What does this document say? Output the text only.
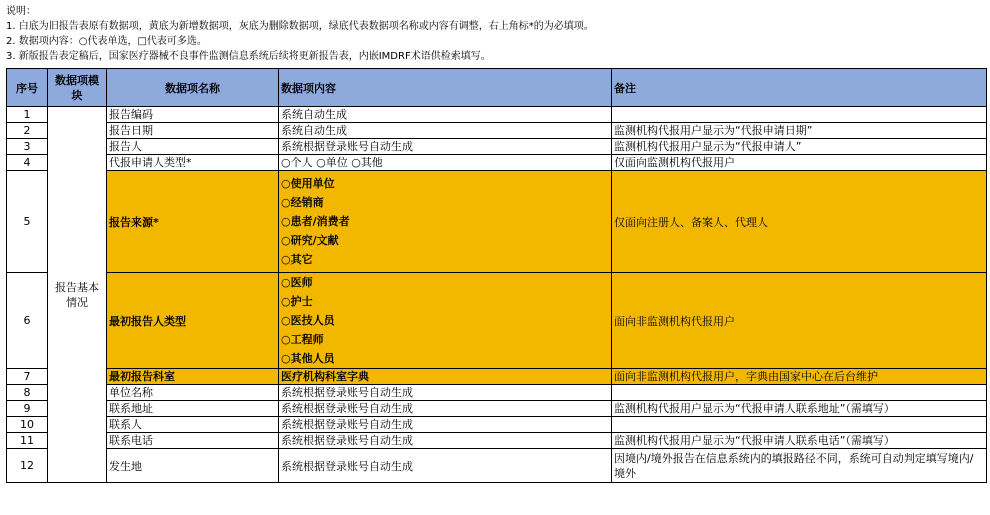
说明：
1. 白底为旧报告表原有数据项，黄底为新增数据项，灰底为删除数据项，绿底代表数据项名称或内容有调整，右上角标*的为必填项。
2. 数据项内容：○代表单选，□代表可多选。
3. 新版报告表定稿后，国家医疗器械不良事件监测信息系统后续将更新报告表，内嵌IMDRF术语供检索填写。
序号	数据项模块	数据项名称	数据项内容	备注
1	报告基本情况	报告编码	系统自动生成	
2		报告日期	系统自动生成	监测机构代报用户显示为“代报申请日期”
3		报告人	系统根据登录账号自动生成	监测机构代报用户显示为“代报申请人”
4		代报申请人类型*	○个人 ○单位 ○其他	仅面向监测机构代报用户
5		报告来源*	○使用单位
○经销商
○患者/消费者
○研究/文献
○其它	仅面向注册人、备案人、代理人
6		最初报告人类型	○医师
○护士
○医技人员
○工程师
○其他人员	面向非监测机构代报用户
7		最初报告科室	医疗机构科室字典	面向非监测机构代报用户，字典由国家中心在后台维护
8		单位名称	系统根据登录账号自动生成	
9		联系地址	系统根据登录账号自动生成	监测机构代报用户显示为“代报申请人联系地址”（需填写）
10		联系人	系统根据登录账号自动生成	
11		联系电话	系统根据登录账号自动生成	监测机构代报用户显示为“代报申请人联系电话”（需填写）
12		发生地	系统根据登录账号自动生成	因境内/境外报告在信息系统内的填报路径不同，系统可自动判定填写境内/境外
